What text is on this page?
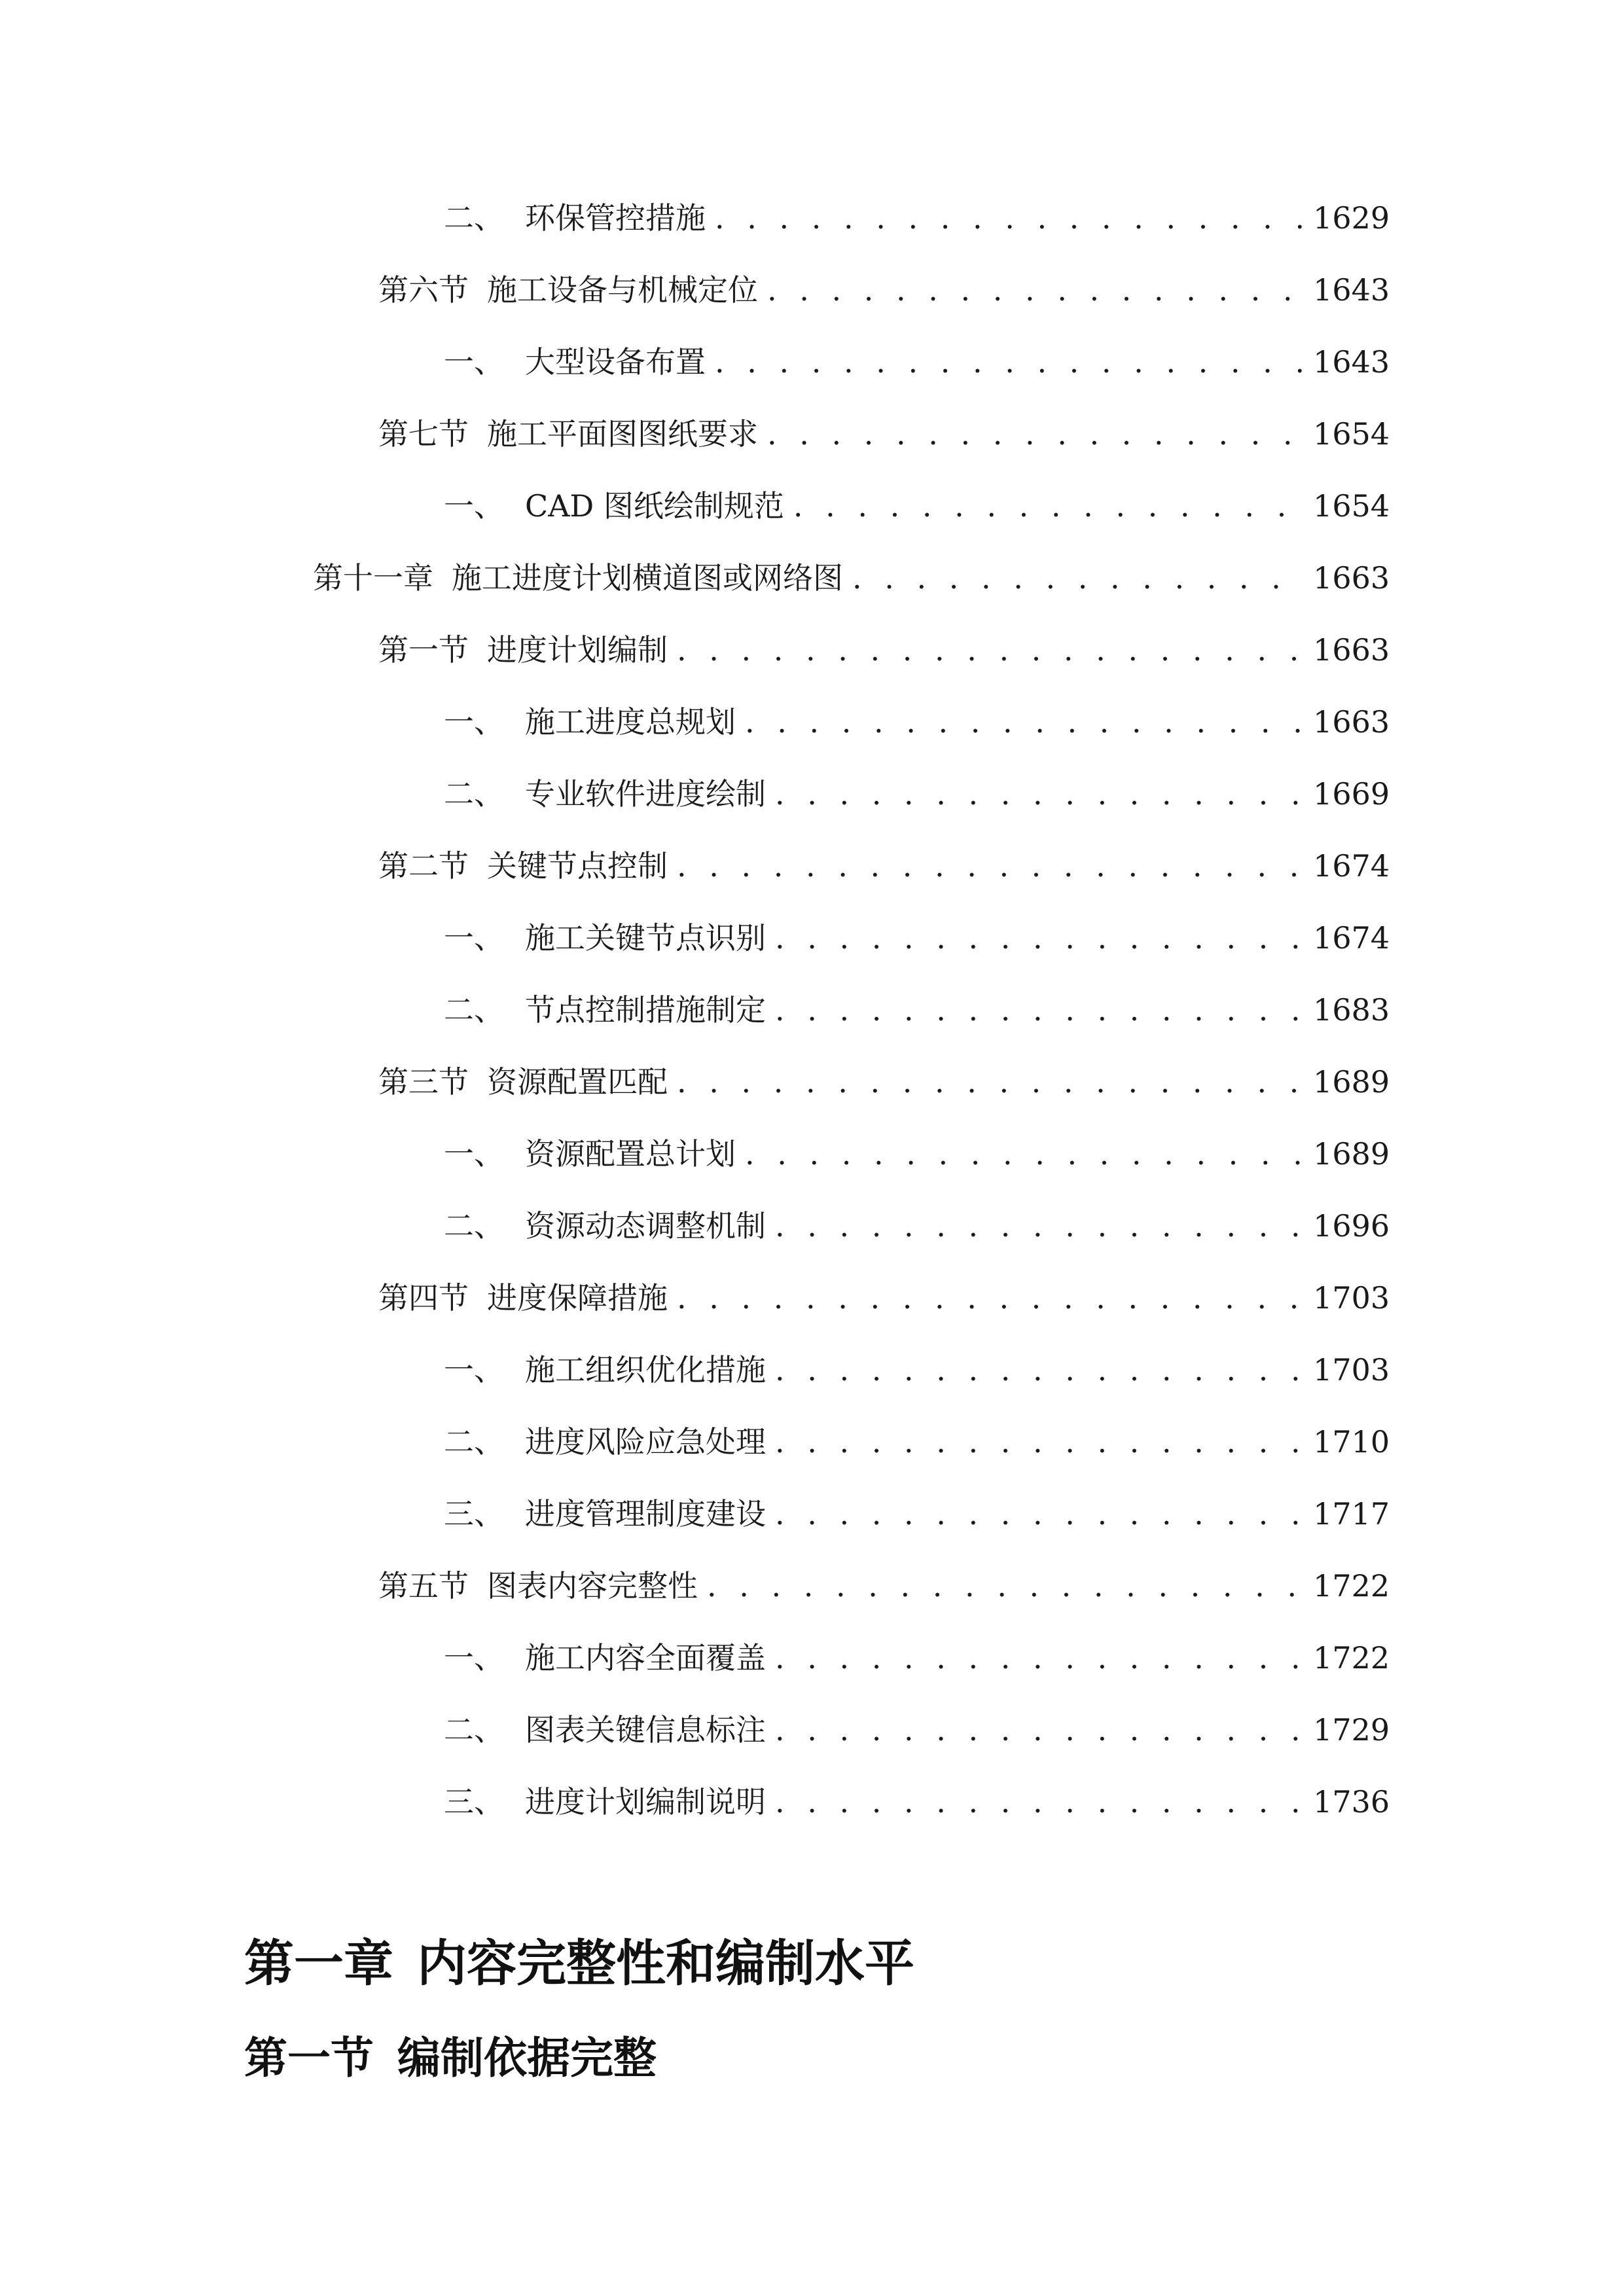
二、 环保管控措施 . . .	1629
第六节 施工设备与机械定位 . . .	1643
一、 大型设备布置 . . .	1643
第七节 施工平面图图纸要求 . . .	1654
一、 CAD 图纸绘制规范 . . .	1654
第十一章 施工进度计划横道图或网络图 . . .	1663
第一节 进度计划编制 . . .	1663
一、 施工进度总规划 . . .	1663
二、 专业软件进度绘制 . . .	1669
第二节 关键节点控制 . . .	1674
一、 施工关键节点识别 . . .	1674
二、 节点控制措施制定 . . .	1683
第三节 资源配置匹配 . . .	1689
一、 资源配置总计划 . . .	1689
二、 资源动态调整机制 . . .	1696
第四节 进度保障措施 . . .	1703
一、 施工组织优化措施 . . .	1703
二、 进度风险应急处理 . . .	1710
三、 进度管理制度建设 . . .	1717
第五节 图表内容完整性 . . .	1722
一、 施工内容全面覆盖 . . .	1722
二、 图表关键信息标注 . . .	1729
三、 进度计划编制说明 . . .	1736
第一章 内容完整性和编制水平
第一节 编制依据完整
